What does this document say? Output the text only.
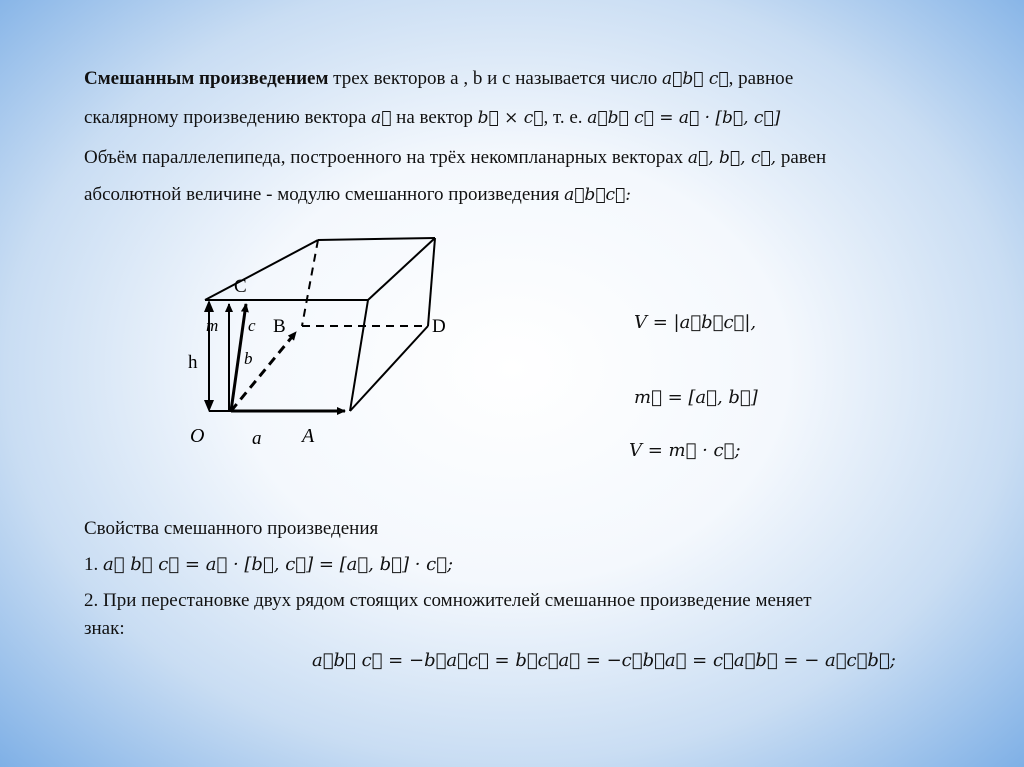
Смешанным произведением трех векторов a , b и c называется число a⃗b⃗ c⃗, равное
скалярному произведению вектора a⃗ на вектор b⃗ × c⃗, т. е. a⃗b⃗ c⃗ = a⃗ · [b⃗, c⃗]
Объём параллелепипеда, построенного на трёх некомпланарных векторах a⃗, b⃗, c⃗, равен
абсолютной величине - модулю смешанного произведения a⃗b⃗c⃗:
C
B	D
h
m⃗ c⃗
b⃗
O	a⃗ A
V = |a⃗b⃗c⃗|,
m⃗ = [a⃗, b⃗]
V = m⃗ · c⃗;
Свойства смешанного произведения
1. a⃗ b⃗ c⃗ = a⃗ · [b⃗, c⃗] = [a⃗, b⃗] · c⃗;
2. При перестановке двух рядом стоящих сомножителей смешанное произведение меняет
знак:
a⃗b⃗ c⃗ = −b⃗a⃗c⃗ = b⃗c⃗a⃗ = −c⃗b⃗a⃗ = c⃗a⃗b⃗ = − a⃗c⃗b⃗;
